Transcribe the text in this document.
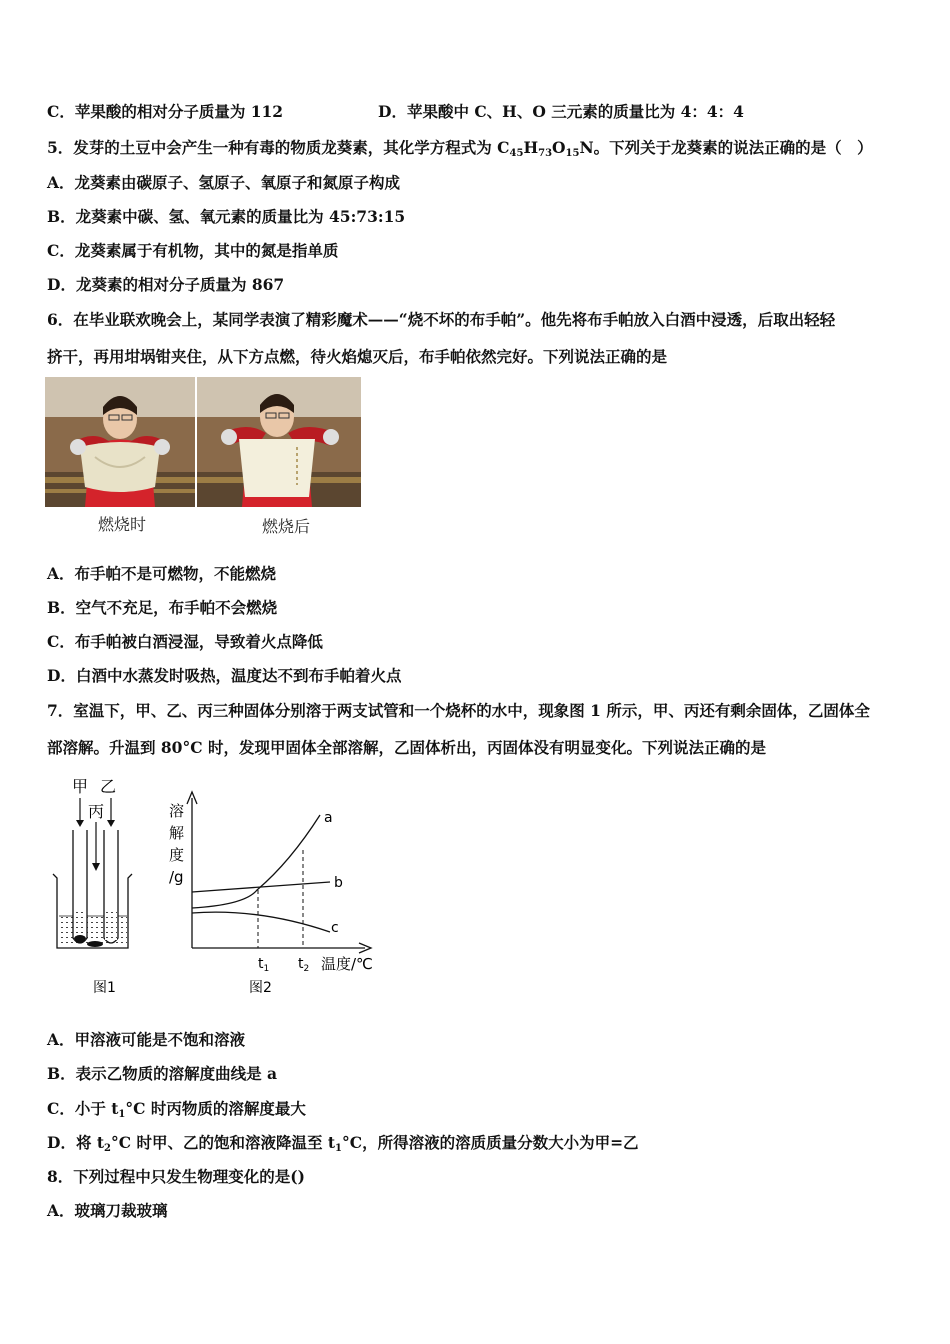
C．苹果酸的相对分子质量为 112	D．苹果酸中 C、H、O 三元素的质量比为 4：4：4
5．发芽的土豆中会产生一种有毒的物质龙葵素，其化学方程式为 $C_{45}H_{73}O_{15}N$。下列关于龙葵素的说法正确的是（　）
A．龙葵素由碳原子、氢原子、氧原子和氮原子构成
B．龙葵素中碳、氢、氧元素的质量比为 45:73:15
C．龙葵素属于有机物，其中的氮是指单质
D．龙葵素的相对分子质量为 867
6．在毕业联欢晚会上，某同学表演了精彩魔术——“烧不坏的布手帕”。他先将布手帕放入白酒中浸透，后取出轻轻
挤干，再用坩埚钳夹住，从下方点燃，待火焰熄灭后，布手帕依然完好。下列说法正确的是
燃烧时	燃烧后
A．布手帕不是可燃物，不能燃烧
B．空气不充足，布手帕不会燃烧
C．布手帕被白酒浸湿，导致着火点降低
D．白酒中水蒸发时吸热，温度达不到布手帕着火点
7．室温下，甲、乙、丙三种固体分别溶于两支试管和一个烧杯的水中，现象图 1 所示，甲、丙还有剩余固体，乙固体全
部溶解。升温到 80°C 时，发现甲固体全部溶解，乙固体析出，丙固体没有明显变化。下列说法正确的是
甲 乙
丙
图1
溶
解
度
/g
a
b
c
$t_1$ $t_2$ 温度/℃
图2
A．甲溶液可能是不饱和溶液
B．表示乙物质的溶解度曲线是 a
C．小于 $t_1^\circ C$ 时丙物质的溶解度最大
D．将 $t_2^\circ C$ 时甲、乙的饱和溶液降温至 $t_1^\circ C$，所得溶液的溶质质量分数大小为甲=乙
8．下列过程中只发生物理变化的是()
A．玻璃刀裁玻璃
